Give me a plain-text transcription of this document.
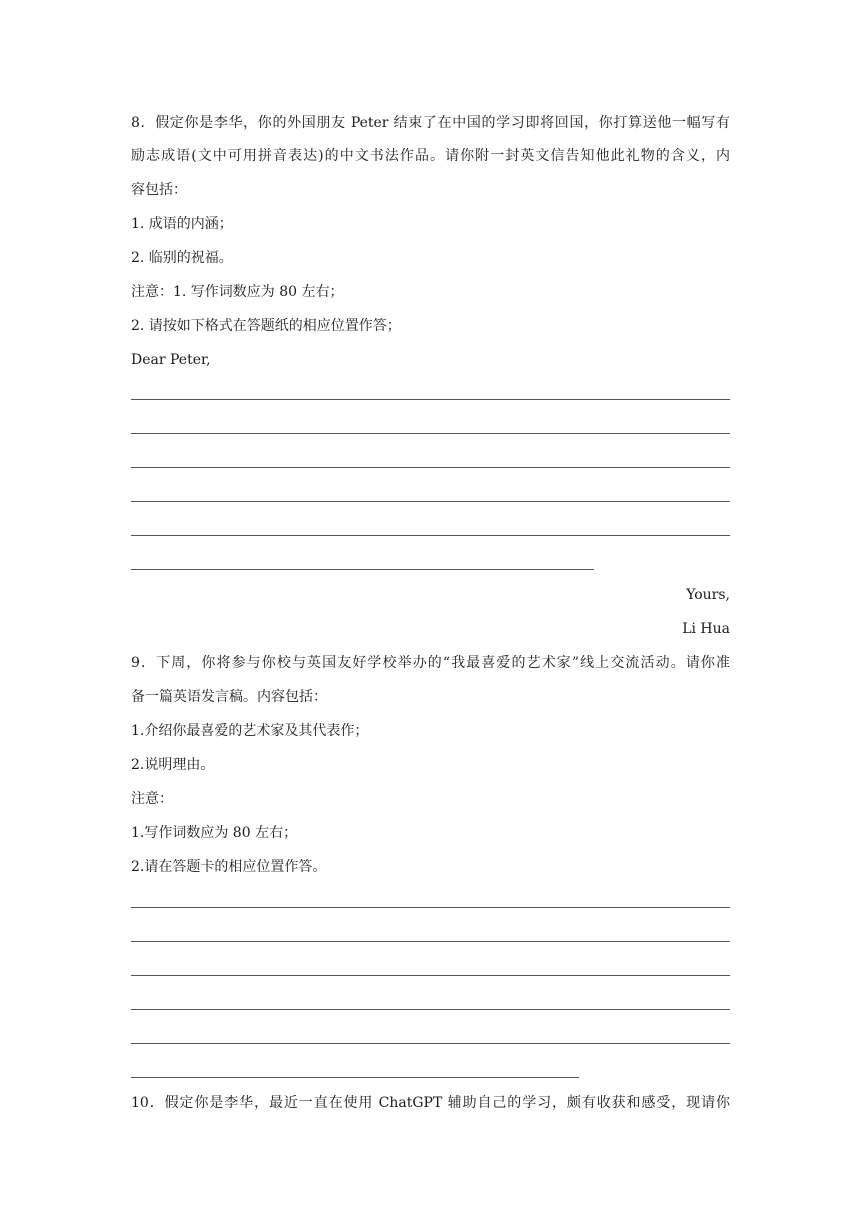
8．假定你是李华，你的外国朋友 Peter 结束了在中国的学习即将回国，你打算送他一幅写有
励志成语(文中可用拼音表达)的中文书法作品。请你附一封英文信告知他此礼物的含义，内
容包括：
1. 成语的内涵；
2. 临别的祝福。
注意：1. 写作词数应为 80 左右；
2. 请按如下格式在答题纸的相应位置作答；
Dear Peter,
Yours,
Li Hua
9．下周，你将参与你校与英国友好学校举办的“我最喜爱的艺术家”线上交流活动。请你准
备一篇英语发言稿。内容包括：
1.介绍你最喜爱的艺术家及其代表作；
2.说明理由。
注意：
1.写作词数应为 80 左右；
2.请在答题卡的相应位置作答。
10．假定你是李华，最近一直在使用 ChatGPT 辅助自己的学习，颇有收获和感受，现请你
